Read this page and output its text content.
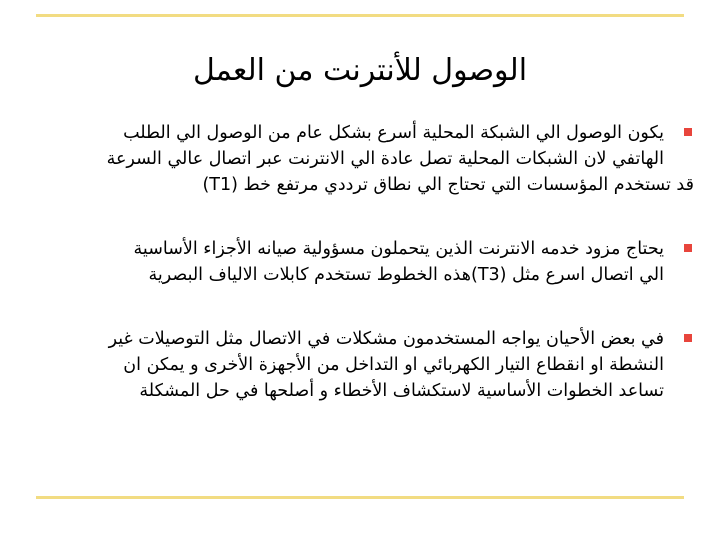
الوصول للأنترنت من العمل
يكون الوصول الي الشبكة المحلية أسرع بشكل عام من الوصول الي الطلب
الهاتفي لان الشبكات المحلية تصل عادة الي الانترنت عبر اتصال عالي السرعة
قد تستخدم المؤسسات التي تحتاج الي نطاق ترددي مرتفع خط (T1)
يحتاج مزود خدمه الانترنت الذين يتحملون مسؤولية صيانه الأجزاء الأساسية
الي اتصال اسرع مثل (T3)هذه الخطوط تستخدم كابلات الالياف البصرية
في بعض الأحيان يواجه المستخدمون مشكلات في الاتصال مثل التوصيلات غير
النشطة او انقطاع التيار الكهربائي او التداخل من الأجهزة الأخرى و يمكن ان
تساعد الخطوات الأساسية لاستكشاف الأخطاء و أصلحها في حل المشكلة
